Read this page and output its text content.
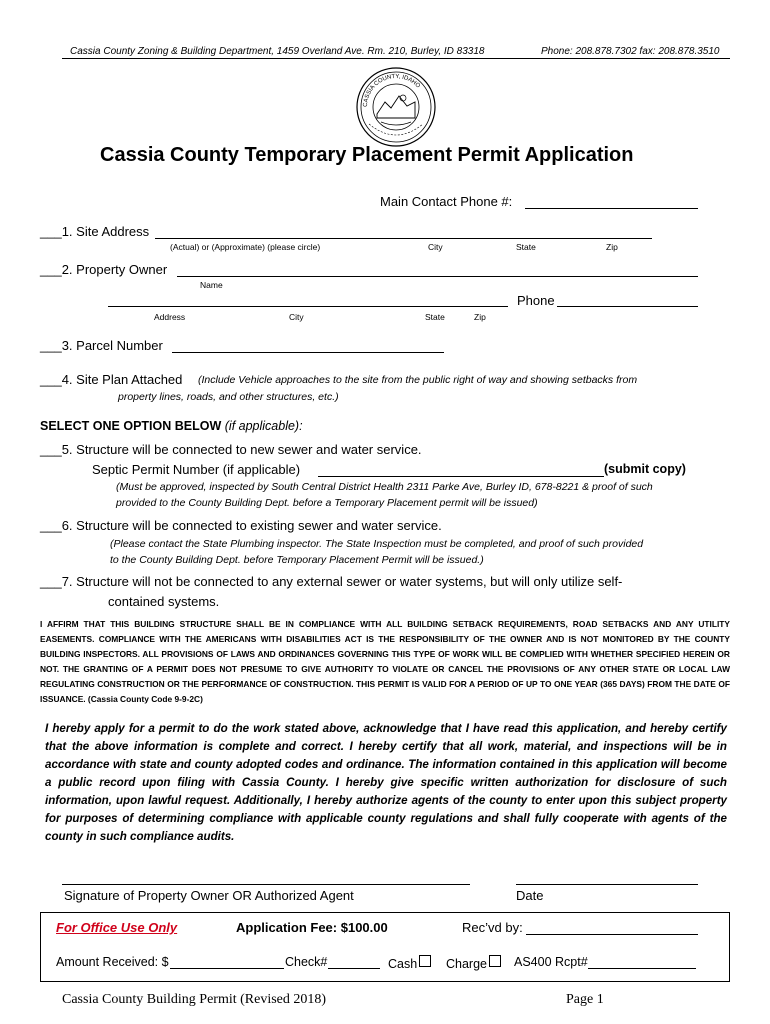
Cassia County Zoning & Building Department, 1459 Overland Ave. Rm. 210, Burley, ID 83318	Phone: 208.878.7302 fax: 208.878.3510
CASSIA COUNTY, IDAHO
Cassia County Temporary Placement Permit Application
Main Contact Phone #:
___1. Site Address
(Actual) or (Approximate) (please circle)	City	State	Zip
___2. Property Owner
Name
Phone
Address	City	State	Zip
___3. Parcel Number
___4. Site Plan Attached (Include Vehicle approaches to the site from the public right of way and showing setbacks from
property lines, roads, and other structures, etc.)
SELECT ONE OPTION BELOW (if applicable):
___5. Structure will be connected to new sewer and water service.
Septic Permit Number (if applicable)	(submit copy)
(Must be approved, inspected by South Central District Health 2311 Parke Ave, Burley ID, 678-8221 & proof of such
provided to the County Building Dept. before a Temporary Placement permit will be issued)
___6. Structure will be connected to existing sewer and water service.
(Please contact the State Plumbing inspector. The State Inspection must be completed, and proof of such provided
to the County Building Dept. before Temporary Placement Permit will be issued.)
___7. Structure will not be connected to any external sewer or water systems, but will only utilize self-
contained systems.
I AFFIRM THAT THIS BUILDING STRUCTURE SHALL BE IN COMPLIANCE WITH ALL BUILDING SETBACK REQUIREMENTS, ROAD SETBACKS AND ANY UTILITY EASEMENTS. COMPLIANCE WITH THE AMERICANS WITH DISABILITIES ACT IS THE RESPONSIBILITY OF THE OWNER AND IS NOT MONITORED BY THE COUNTY BUILDING INSPECTORS. ALL PROVISIONS OF LAWS AND ORDINANCES GOVERNING THIS TYPE OF WORK WILL BE COMPLIED WITH WHETHER SPECIFIED HEREIN OR NOT. THE GRANTING OF A PERMIT DOES NOT PRESUME TO GIVE AUTHORITY TO VIOLATE OR CANCEL THE PROVISIONS OF ANY OTHER STATE OR LOCAL LAW REGULATING CONSTRUCTION OR THE PERFORMANCE OF CONSTRUCTION. THIS PERMIT IS VALID FOR A PERIOD OF UP TO ONE YEAR (365 DAYS) FROM THE DATE OF ISSUANCE. (Cassia County Code 9-9-2C)
I hereby apply for a permit to do the work stated above, acknowledge that I have read this application, and hereby certify that the above information is complete and correct. I hereby certify that all work, material, and inspections will be in accordance with state and county adopted codes and ordinance. The information contained in this application will become a public record upon filing with Cassia County. I hereby give specific written authorization for disclosure of such information, upon lawful request. Additionally, I hereby authorize agents of the county to enter upon this subject property for purposes of determining compliance with applicable county regulations and shall fully cooperate with agents of the county in such compliance audits.
Signature of Property Owner OR Authorized Agent	Date
For Office Use Only	Application Fee: $100.00	Rec’vd by:
Amount Received: $	Check#	Cash	Charge	AS400 Rcpt#
Cassia County Building Permit (Revised 2018)	Page 1
